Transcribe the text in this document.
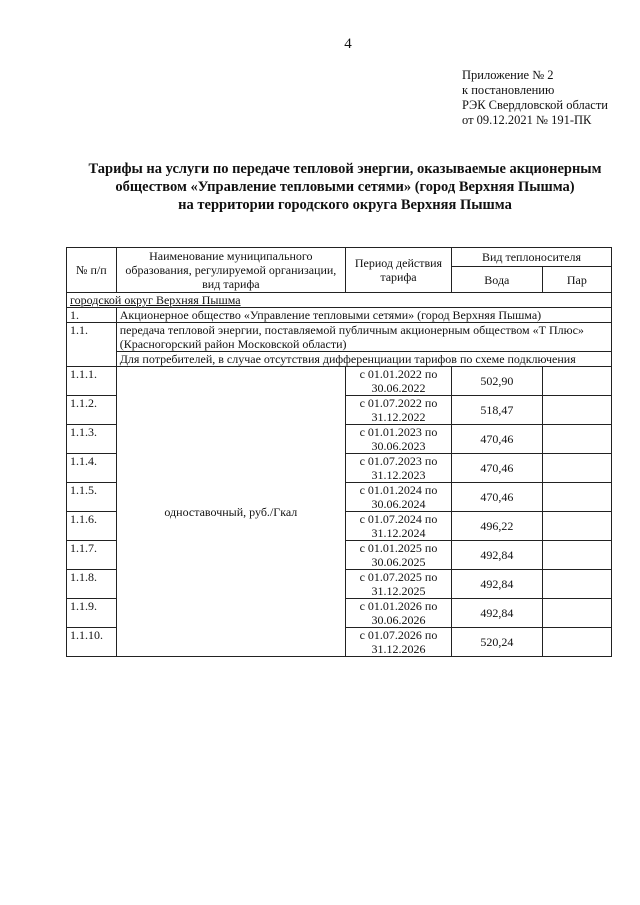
4
Приложение № 2
к постановлению
РЭК Свердловской области
от 09.12.2021 № 191-ПК
Тарифы на услуги по передаче тепловой энергии, оказываемые акционерным
обществом «Управление тепловыми сетями» (город Верхняя Пышма)
на территории городского округа Верхняя Пышма
№ п/п	Наименование муниципального образования, регулируемой организации, вид тарифа	Период действия тарифа	Вид теплоносителя	
			Вода	Пар
городской округ Верхняя Пышма				
1.	Акционерное общество «Управление тепловыми сетями» (город Верхняя Пышма)			
1.1.	передача тепловой энергии, поставляемой публичным акционерным обществом «Т Плюс» (Красногорский район Московской области)			
	Для потребителей, в случае отсутствия дифференциации тарифов по схеме подключения			
1.1.1.	одноставочный, руб./Гкал	с 01.01.2022 по 30.06.2022	502,90	
1.1.2.		с 01.07.2022 по 31.12.2022	518,47	
1.1.3.		с 01.01.2023 по 30.06.2023	470,46	
1.1.4.		с 01.07.2023 по 31.12.2023	470,46	
1.1.5.		с 01.01.2024 по 30.06.2024	470,46	
1.1.6.		с 01.07.2024 по 31.12.2024	496,22	
1.1.7.		с 01.01.2025 по 30.06.2025	492,84	
1.1.8.		с 01.07.2025 по 31.12.2025	492,84	
1.1.9.		с 01.01.2026 по 30.06.2026	492,84	
1.1.10.		с 01.07.2026 по 31.12.2026	520,24	
